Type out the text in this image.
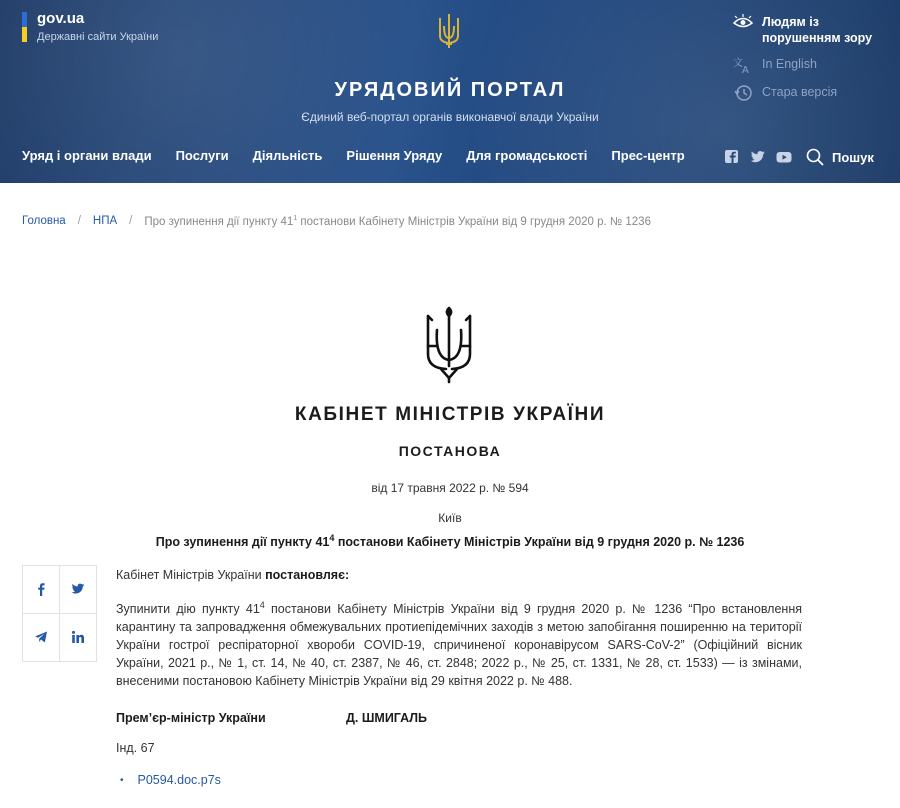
gov.ua
Державні сайти України
УРЯДОВИЙ ПОРТАЛ
Єдиний веб-портал органів виконавчої влади України
Людям із порушенням зору
文
A In English
Стара версія
Уряд і органи влади Послуги Діяльність Рішення Уряду Для громадськості Прес-центр	Пошук
Головна / НПА / Про зупинення дії пункту $41^1$ постанови Кабінету Міністрів України від 9 грудня 2020 р. № 1236
КАБІНЕТ МІНІСТРІВ УКРАЇНИ
ПОСТАНОВА
від 17 травня 2022 р. № 594
Київ
Про зупинення дії пункту $41^4$ постанови Кабінету Міністрів України від 9 грудня 2020 р. № 1236
Кабінет Міністрів України постановляє:
Зупинити дію пункту $41^4$ постанови Кабінету Міністрів України від 9 грудня 2020 р. № 1236 “Про встановлення карантину та запровадження обмежувальних протиепідемічних заходів з метою запобігання поширенню на території України гострої респіраторної хвороби COVID-19, спричиненої коронавірусом SARS-CoV-2” (Офіційний вісник України, 2021 р., № 1, ст. 14, № 40, ст. 2387, № 46, ст. 2848; 2022 р., № 25, ст. 1331, № 28, ст. 1533) — із змінами, внесеними постановою Кабінету Міністрів України від 29 квітня 2022 р. № 488.
Прем’єр-міністр України	Д. ШМИГАЛЬ
Інд. 67
• P0594.doc.p7s
